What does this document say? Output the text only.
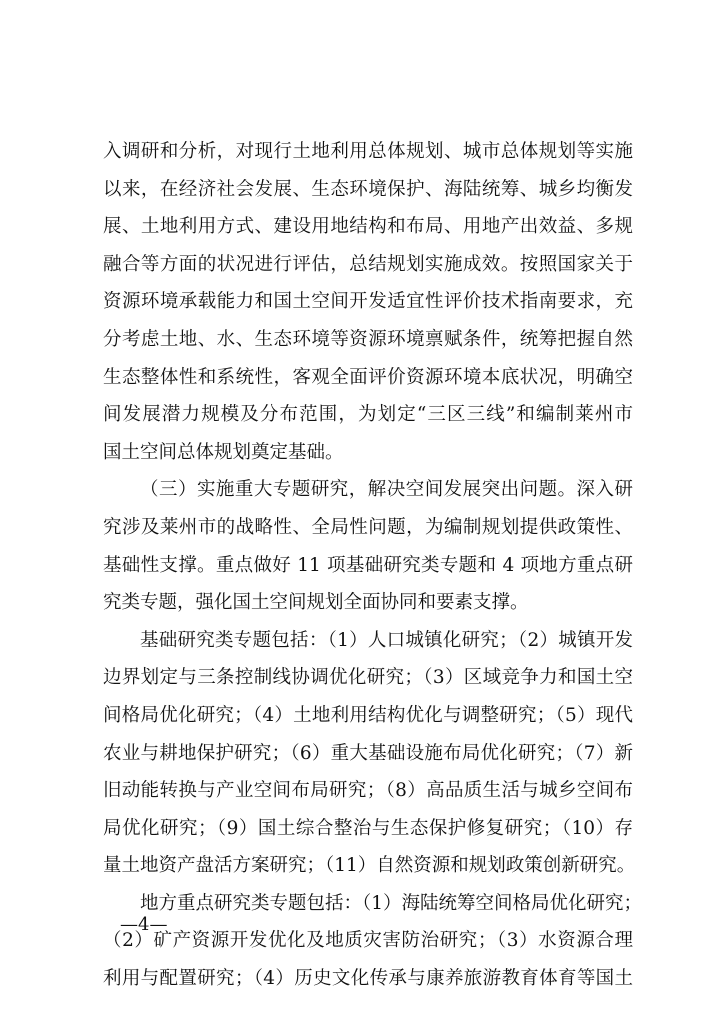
入调研和分析，对现行土地利用总体规划、城市总体规划等实施
以来，在经济社会发展、生态环境保护、海陆统筹、城乡均衡发
展、土地利用方式、建设用地结构和布局、用地产出效益、多规
融合等方面的状况进行评估，总结规划实施成效。按照国家关于
资源环境承载能力和国土空间开发适宜性评价技术指南要求，充
分考虑土地、水、生态环境等资源环境禀赋条件，统筹把握自然
生态整体性和系统性，客观全面评价资源环境本底状况，明确空
间发展潜力规模及分布范围，为划定“三区三线”和编制莱州市
国土空间总体规划奠定基础。
（三）实施重大专题研究，解决空间发展突出问题。深入研
究涉及莱州市的战略性、全局性问题，为编制规划提供政策性、
基础性支撑。重点做好 11 项基础研究类专题和 4 项地方重点研
究类专题，强化国土空间规划全面协同和要素支撑。
基础研究类专题包括：（1）人口城镇化研究；（2）城镇开发
边界划定与三条控制线协调优化研究；（3）区域竞争力和国土空
间格局优化研究；（4）土地利用结构优化与调整研究；（5）现代
农业与耕地保护研究；（6）重大基础设施布局优化研究；（7）新
旧动能转换与产业空间布局研究；（8）高品质生活与城乡空间布
局优化研究；（9）国土综合整治与生态保护修复研究；（10）存
量土地资产盘活方案研究；（11）自然资源和规划政策创新研究。
地方重点研究类专题包括：（1）海陆统筹空间格局优化研究；
（2）矿产资源开发优化及地质灾害防治研究；（3）水资源合理
利用与配置研究；（4）历史文化传承与康养旅游教育体育等国土
—4—
